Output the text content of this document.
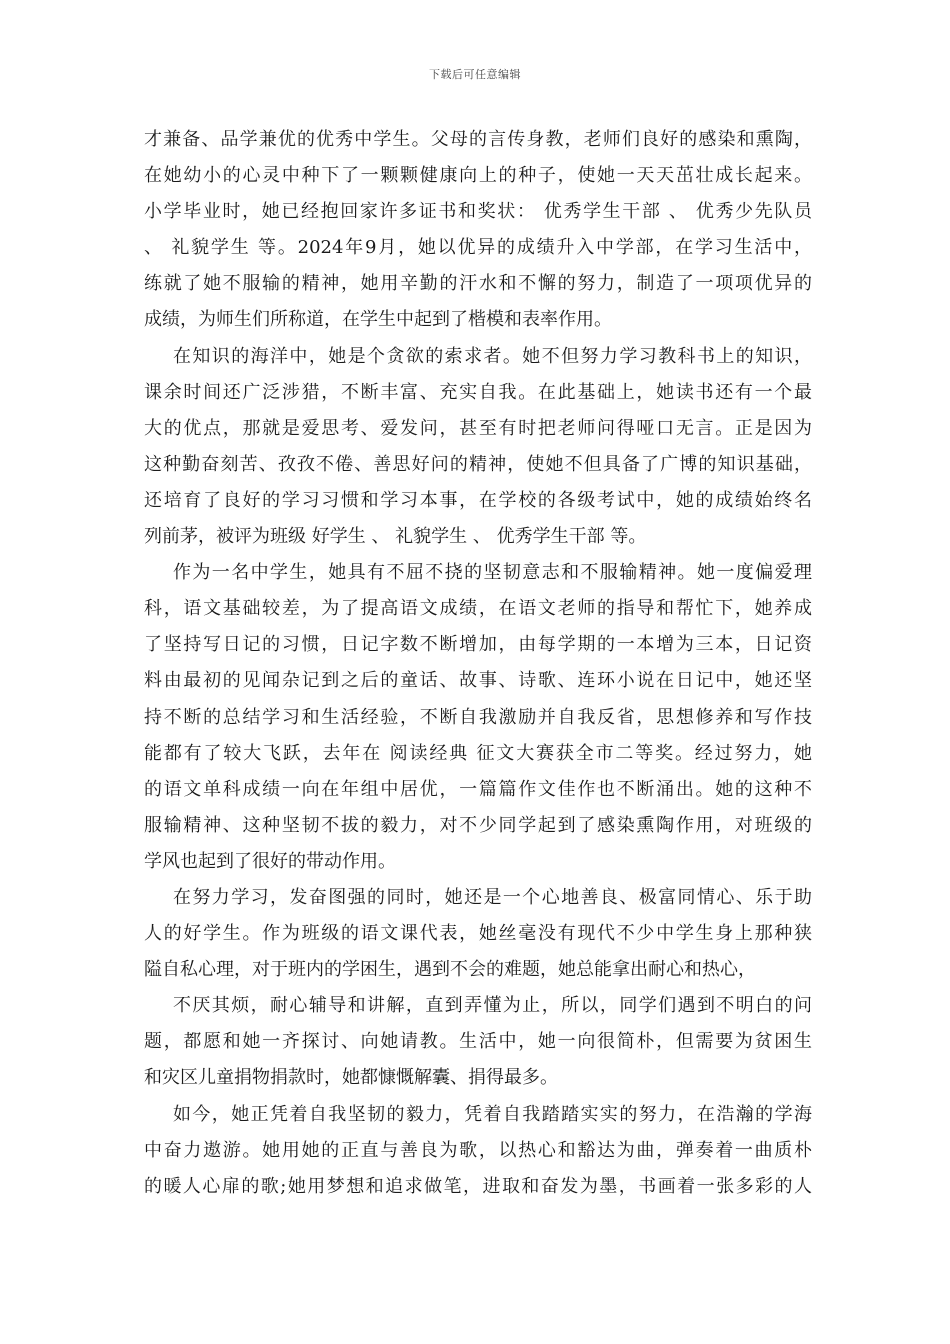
下载后可任意编辑
才兼备、品学兼优的优秀中学生。父母的言传身教，老师们良好的感染和熏陶，
在她幼小的心灵中种下了一颗颗健康向上的种子，使她一天天茁壮成长起来。
小学毕业时，她已经抱回家许多证书和奖状： 优秀学生干部 、 优秀少先队员
、 礼貌学生 等。2024年9月，她以优异的成绩升入中学部，在学习生活中，
练就了她不服输的精神，她用辛勤的汗水和不懈的努力，制造了一项项优异的
成绩，为师生们所称道，在学生中起到了楷模和表率作用。
在知识的海洋中，她是个贪欲的索求者。她不但努力学习教科书上的知识，
课余时间还广泛涉猎，不断丰富、充实自我。在此基础上，她读书还有一个最
大的优点，那就是爱思考、爱发问，甚至有时把老师问得哑口无言。正是因为
这种勤奋刻苦、孜孜不倦、善思好问的精神，使她不但具备了广博的知识基础，
还培育了良好的学习习惯和学习本事，在学校的各级考试中，她的成绩始终名
列前茅，被评为班级 好学生 、 礼貌学生 、 优秀学生干部 等。
作为一名中学生，她具有不屈不挠的坚韧意志和不服输精神。她一度偏爱理
科，语文基础较差，为了提高语文成绩，在语文老师的指导和帮忙下，她养成
了坚持写日记的习惯，日记字数不断增加，由每学期的一本增为三本，日记资
料由最初的见闻杂记到之后的童话、故事、诗歌、连环小说在日记中，她还坚
持不断的总结学习和生活经验，不断自我激励并自我反省，思想修养和写作技
能都有了较大飞跃，去年在 阅读经典 征文大赛获全市二等奖。经过努力，她
的语文单科成绩一向在年组中居优，一篇篇作文佳作也不断涌出。她的这种不
服输精神、这种坚韧不拔的毅力，对不少同学起到了感染熏陶作用，对班级的
学风也起到了很好的带动作用。
在努力学习，发奋图强的同时，她还是一个心地善良、极富同情心、乐于助
人的好学生。作为班级的语文课代表，她丝毫没有现代不少中学生身上那种狭
隘自私心理，对于班内的学困生，遇到不会的难题，她总能拿出耐心和热心，
不厌其烦，耐心辅导和讲解，直到弄懂为止，所以，同学们遇到不明白的问
题，都愿和她一齐探讨、向她请教。生活中，她一向很简朴，但需要为贫困生
和灾区儿童捐物捐款时，她都慷慨解囊、捐得最多。
如今，她正凭着自我坚韧的毅力，凭着自我踏踏实实的努力，在浩瀚的学海
中奋力遨游。她用她的正直与善良为歌，以热心和豁达为曲，弹奏着一曲质朴
的暖人心扉的歌;她用梦想和追求做笔，进取和奋发为墨，书画着一张多彩的人
